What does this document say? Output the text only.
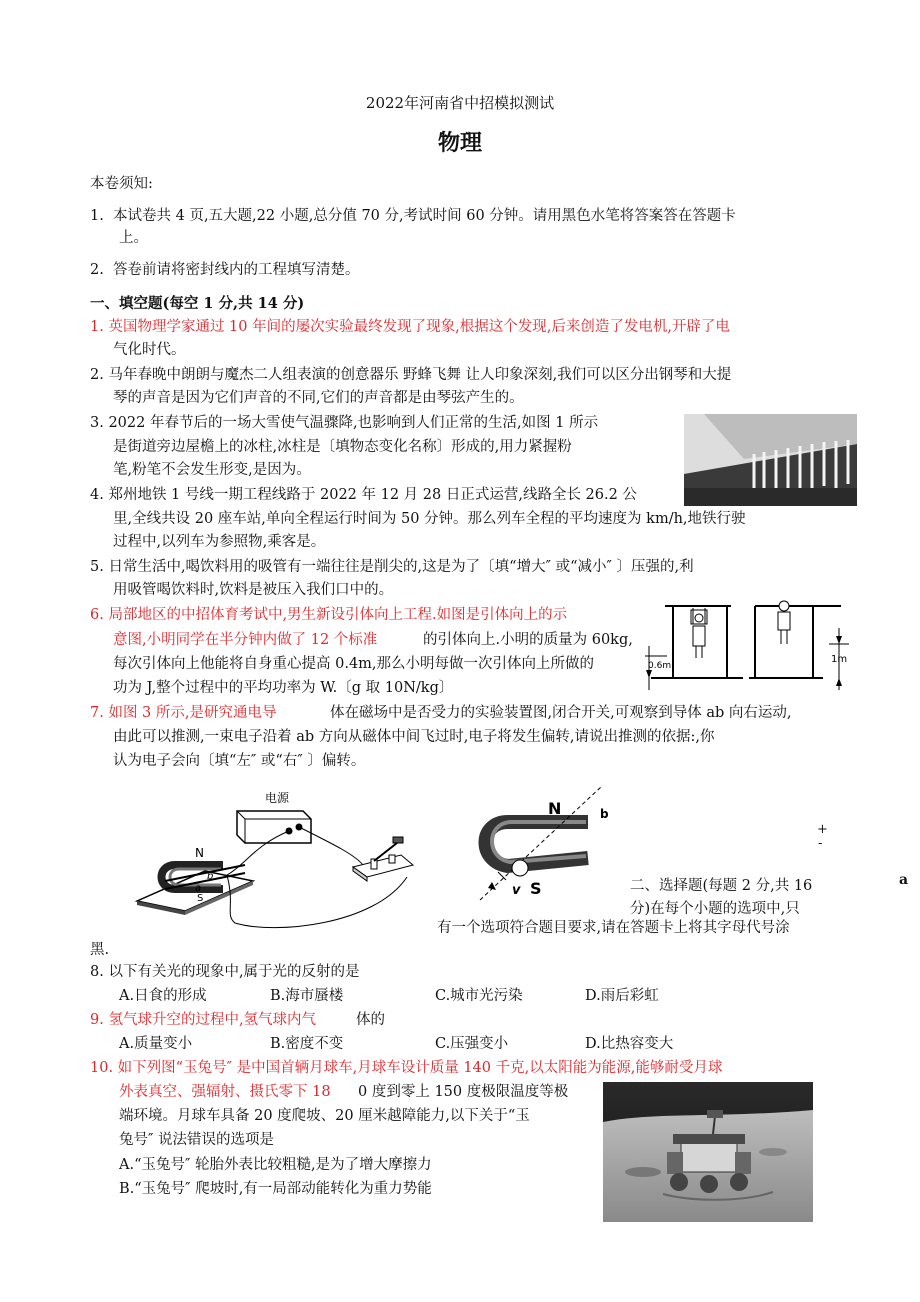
2022年河南省中招模拟测试
物理
本卷须知:
1. 本试卷共 4 页,五大题,22 小题,总分值 70 分,考试时间 60 分钟。请用黑色水笔将答案答在答题卡
上。
2. 答卷前请将密封线内的工程填写清楚。
一、填空题(每空 1 分,共 14 分)
1. 英国物理学家通过 10 年间的屡次实验最终发现了现象,根据这个发现,后来创造了发电机,开辟了电
气化时代。
2. 马年春晚中朗朗与魔杰二人组表演的创意器乐 野蜂飞舞 让人印象深刻,我们可以区分出钢琴和大提
琴的声音是因为它们声音的不同,它们的声音都是由琴弦产生的。
3. 2022 年春节后的一场大雪使气温骤降,也影响到人们正常的生活,如图 1 所示
是街道旁边屋檐上的冰柱,冰柱是〔填物态变化名称〕形成的,用力紧握粉
笔,粉笔不会发生形变,是因为。
4. 郑州地铁 1 号线一期工程线路于 2022 年 12 月 28 日正式运营,线路全长 26.2 公
里,全线共设 20 座车站,单向全程运行时间为 50 分钟。那么列车全程的平均速度为 km/h,地铁行驶
过程中,以列车为参照物,乘客是。
5. 日常生活中,喝饮料用的吸管有一端往往是削尖的,这是为了〔填“增大″ 或“减小″ 〕压强的,利
用吸管喝饮料时,饮料是被压入我们口中的。
6. 局部地区的中招体育考试中,男生新设引体向上工程.如图是引体向上的示
意图,小明同学在半分钟内做了 12 个标准	的引体向上.小明的质量为 60kg,
每次引体向上他能将自身重心提高 0.4m,那么小明每做一次引体向上所做的
功为 J,整个过程中的平均功率为 W.〔g 取 10N/kg〕
0.6m
1m
7. 如图 3 所示,是研究通电导	体在磁场中是否受力的实验装置图,闭合开关,可观察到导体 ab 向右运动,
由此可以推测,一束电子沿着 ab 方向从磁体中间飞过时,电子将发生偏转,请说出推测的依据:,你
认为电子会向〔填“左″ 或“右″ 〕偏转。
电源
N
b
a
S
N
S
v
b
+
-
a
二、选择题(每题 2 分,共 16
分)在每个小题的选项中,只
有一个选项符合题目要求,请在答题卡上将其字母代号涂
黑.
8. 以下有关光的现象中,属于光的反射的是
A.日食的形成	B.海市蜃楼	C.城市光污染	D.雨后彩虹
9. 氢气球升空的过程中,氢气球内气	体的
A.质量变小	B.密度不变	C.压强变小	D.比热容变大
10. 如下列图“玉兔号″ 是中国首辆月球车,月球车设计质量 140 千克,以太阳能为能源,能够耐受月球
外表真空、强辐射、摄氏零下 18 0 度到零上 150 度极限温度等极
端环境。月球车具备 20 度爬坡、20 厘米越障能力,以下关于“玉
兔号″ 说法错误的选项是
A.“玉兔号″ 轮胎外表比较粗糙,是为了增大摩擦力
B.“玉兔号″ 爬坡时,有一局部动能转化为重力势能
